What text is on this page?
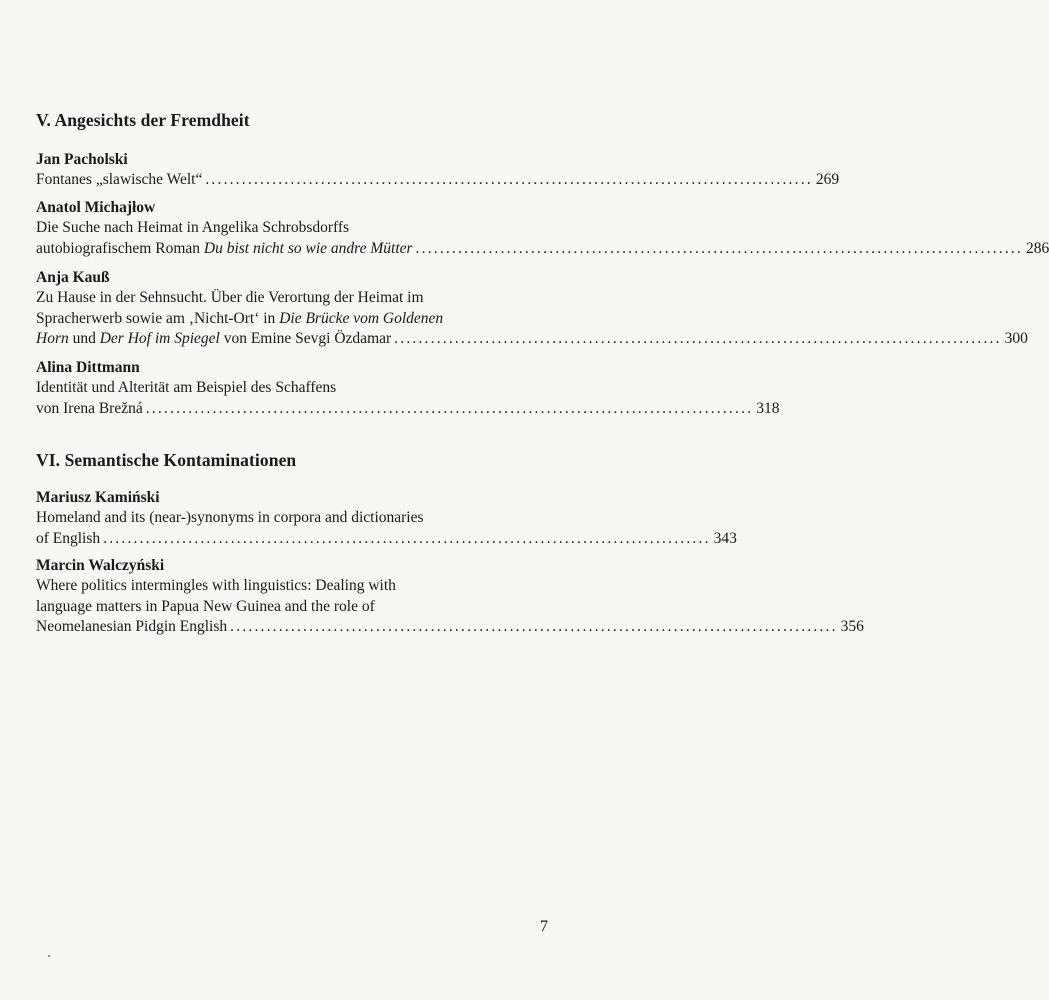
V. Angesichts der Fremdheit
Jan Pacholski
Fontanes „slawische Welt“ .................................................................................................... 269
Anatol Michajłow
Die Suche nach Heimat in Angelika Schrobsdorffs
autobiografischem Roman Du bist nicht so wie andre Mütter .................................................................................................... 286
Anja Kauß
Zu Hause in der Sehnsucht. Über die Verortung der Heimat im
Spracherwerb sowie am ‚Nicht-Ort‘ in Die Brücke vom Goldenen
Horn und Der Hof im Spiegel von Emine Sevgi Özdamar .................................................................................................... 300
Alina Dittmann
Identität und Alterität am Beispiel des Schaffens
von Irena Brežná .................................................................................................... 318
VI. Semantische Kontaminationen
Mariusz Kamiński
Homeland and its (near-)synonyms in corpora and dictionaries
of English .................................................................................................... 343
Marcin Walczyński
Where politics intermingles with linguistics: Dealing with
language matters in Papua New Guinea and the role of
Neomelanesian Pidgin English .................................................................................................... 356
7
